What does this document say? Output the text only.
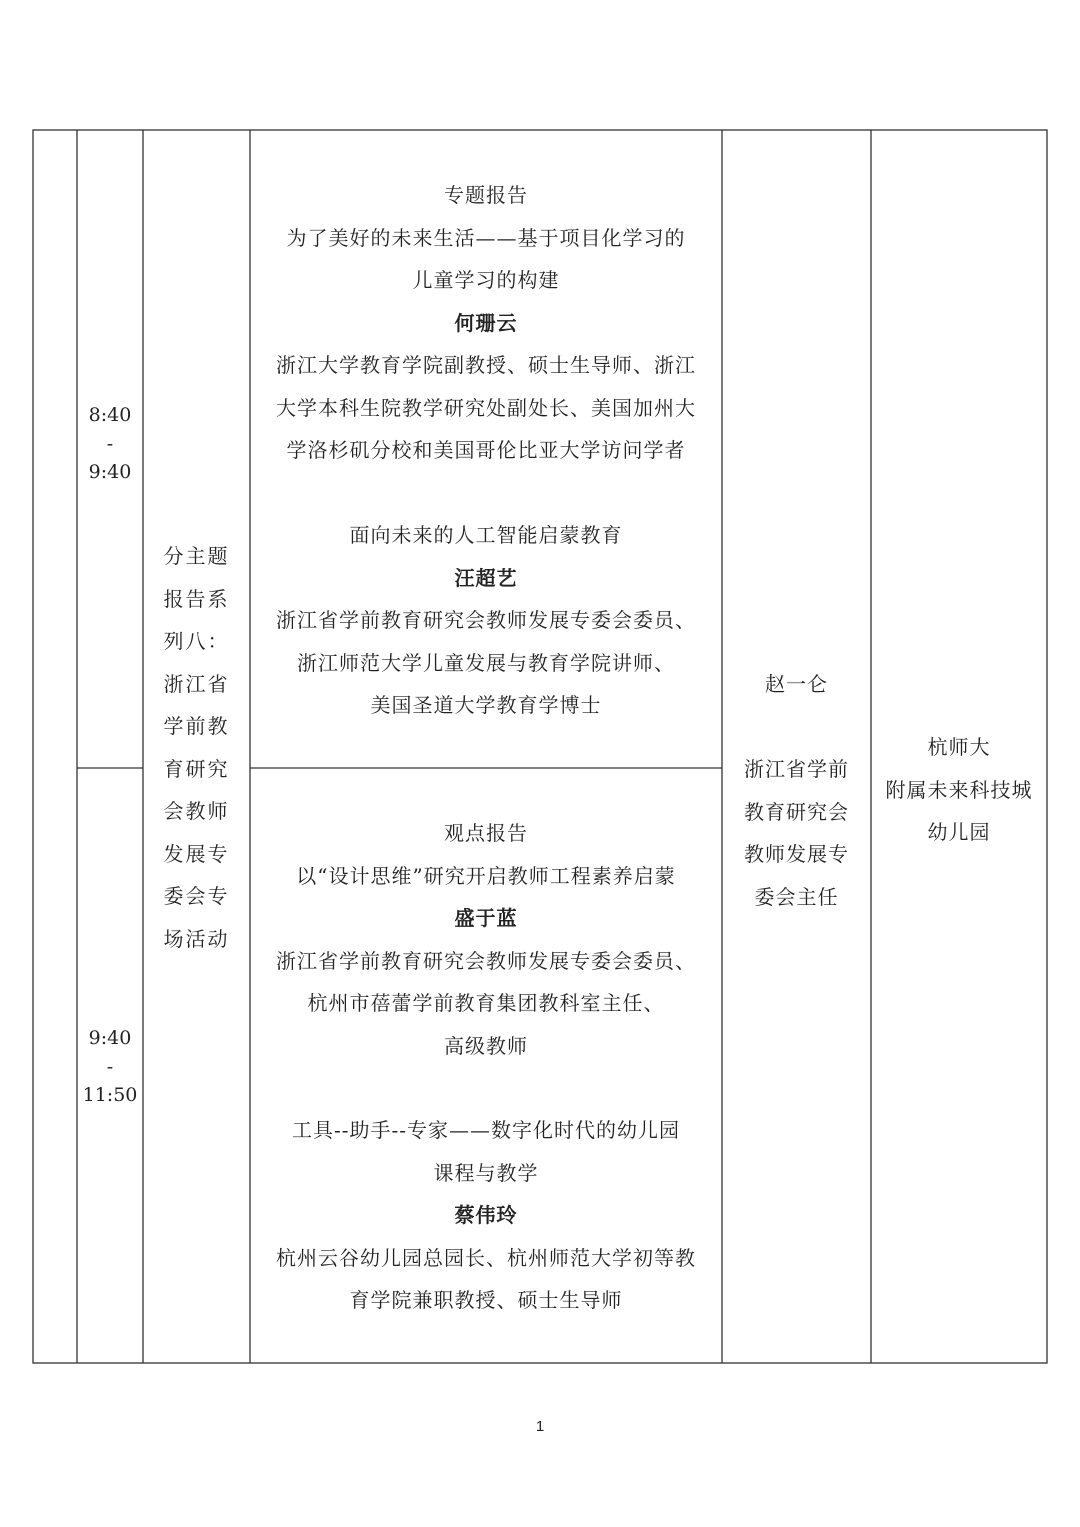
8:40
-
9:40
9:40
-
11:50
分主题
报告系
列八：
浙江省
学前教
育研究
会教师
发展专
委会专
场活动
专题报告
为了美好的未来生活——基于项目化学习的
儿童学习的构建
何珊云
浙江大学教育学院副教授、硕士生导师、浙江
大学本科生院教学研究处副处长、美国加州大
学洛杉矶分校和美国哥伦比亚大学访问学者
面向未来的人工智能启蒙教育
汪超艺
浙江省学前教育研究会教师发展专委会委员、
浙江师范大学儿童发展与教育学院讲师、
美国圣道大学教育学博士
观点报告
以“设计思维”研究开启教师工程素养启蒙
盛于蓝
浙江省学前教育研究会教师发展专委会委员、
杭州市蓓蕾学前教育集团教科室主任、
高级教师
工具--助手--专家——数字化时代的幼儿园
课程与教学
蔡伟玲
杭州云谷幼儿园总园长、杭州师范大学初等教
育学院兼职教授、硕士生导师
赵一仑
浙江省学前
教育研究会
教师发展专
委会主任
杭师大
附属未来科技城
幼儿园
1
